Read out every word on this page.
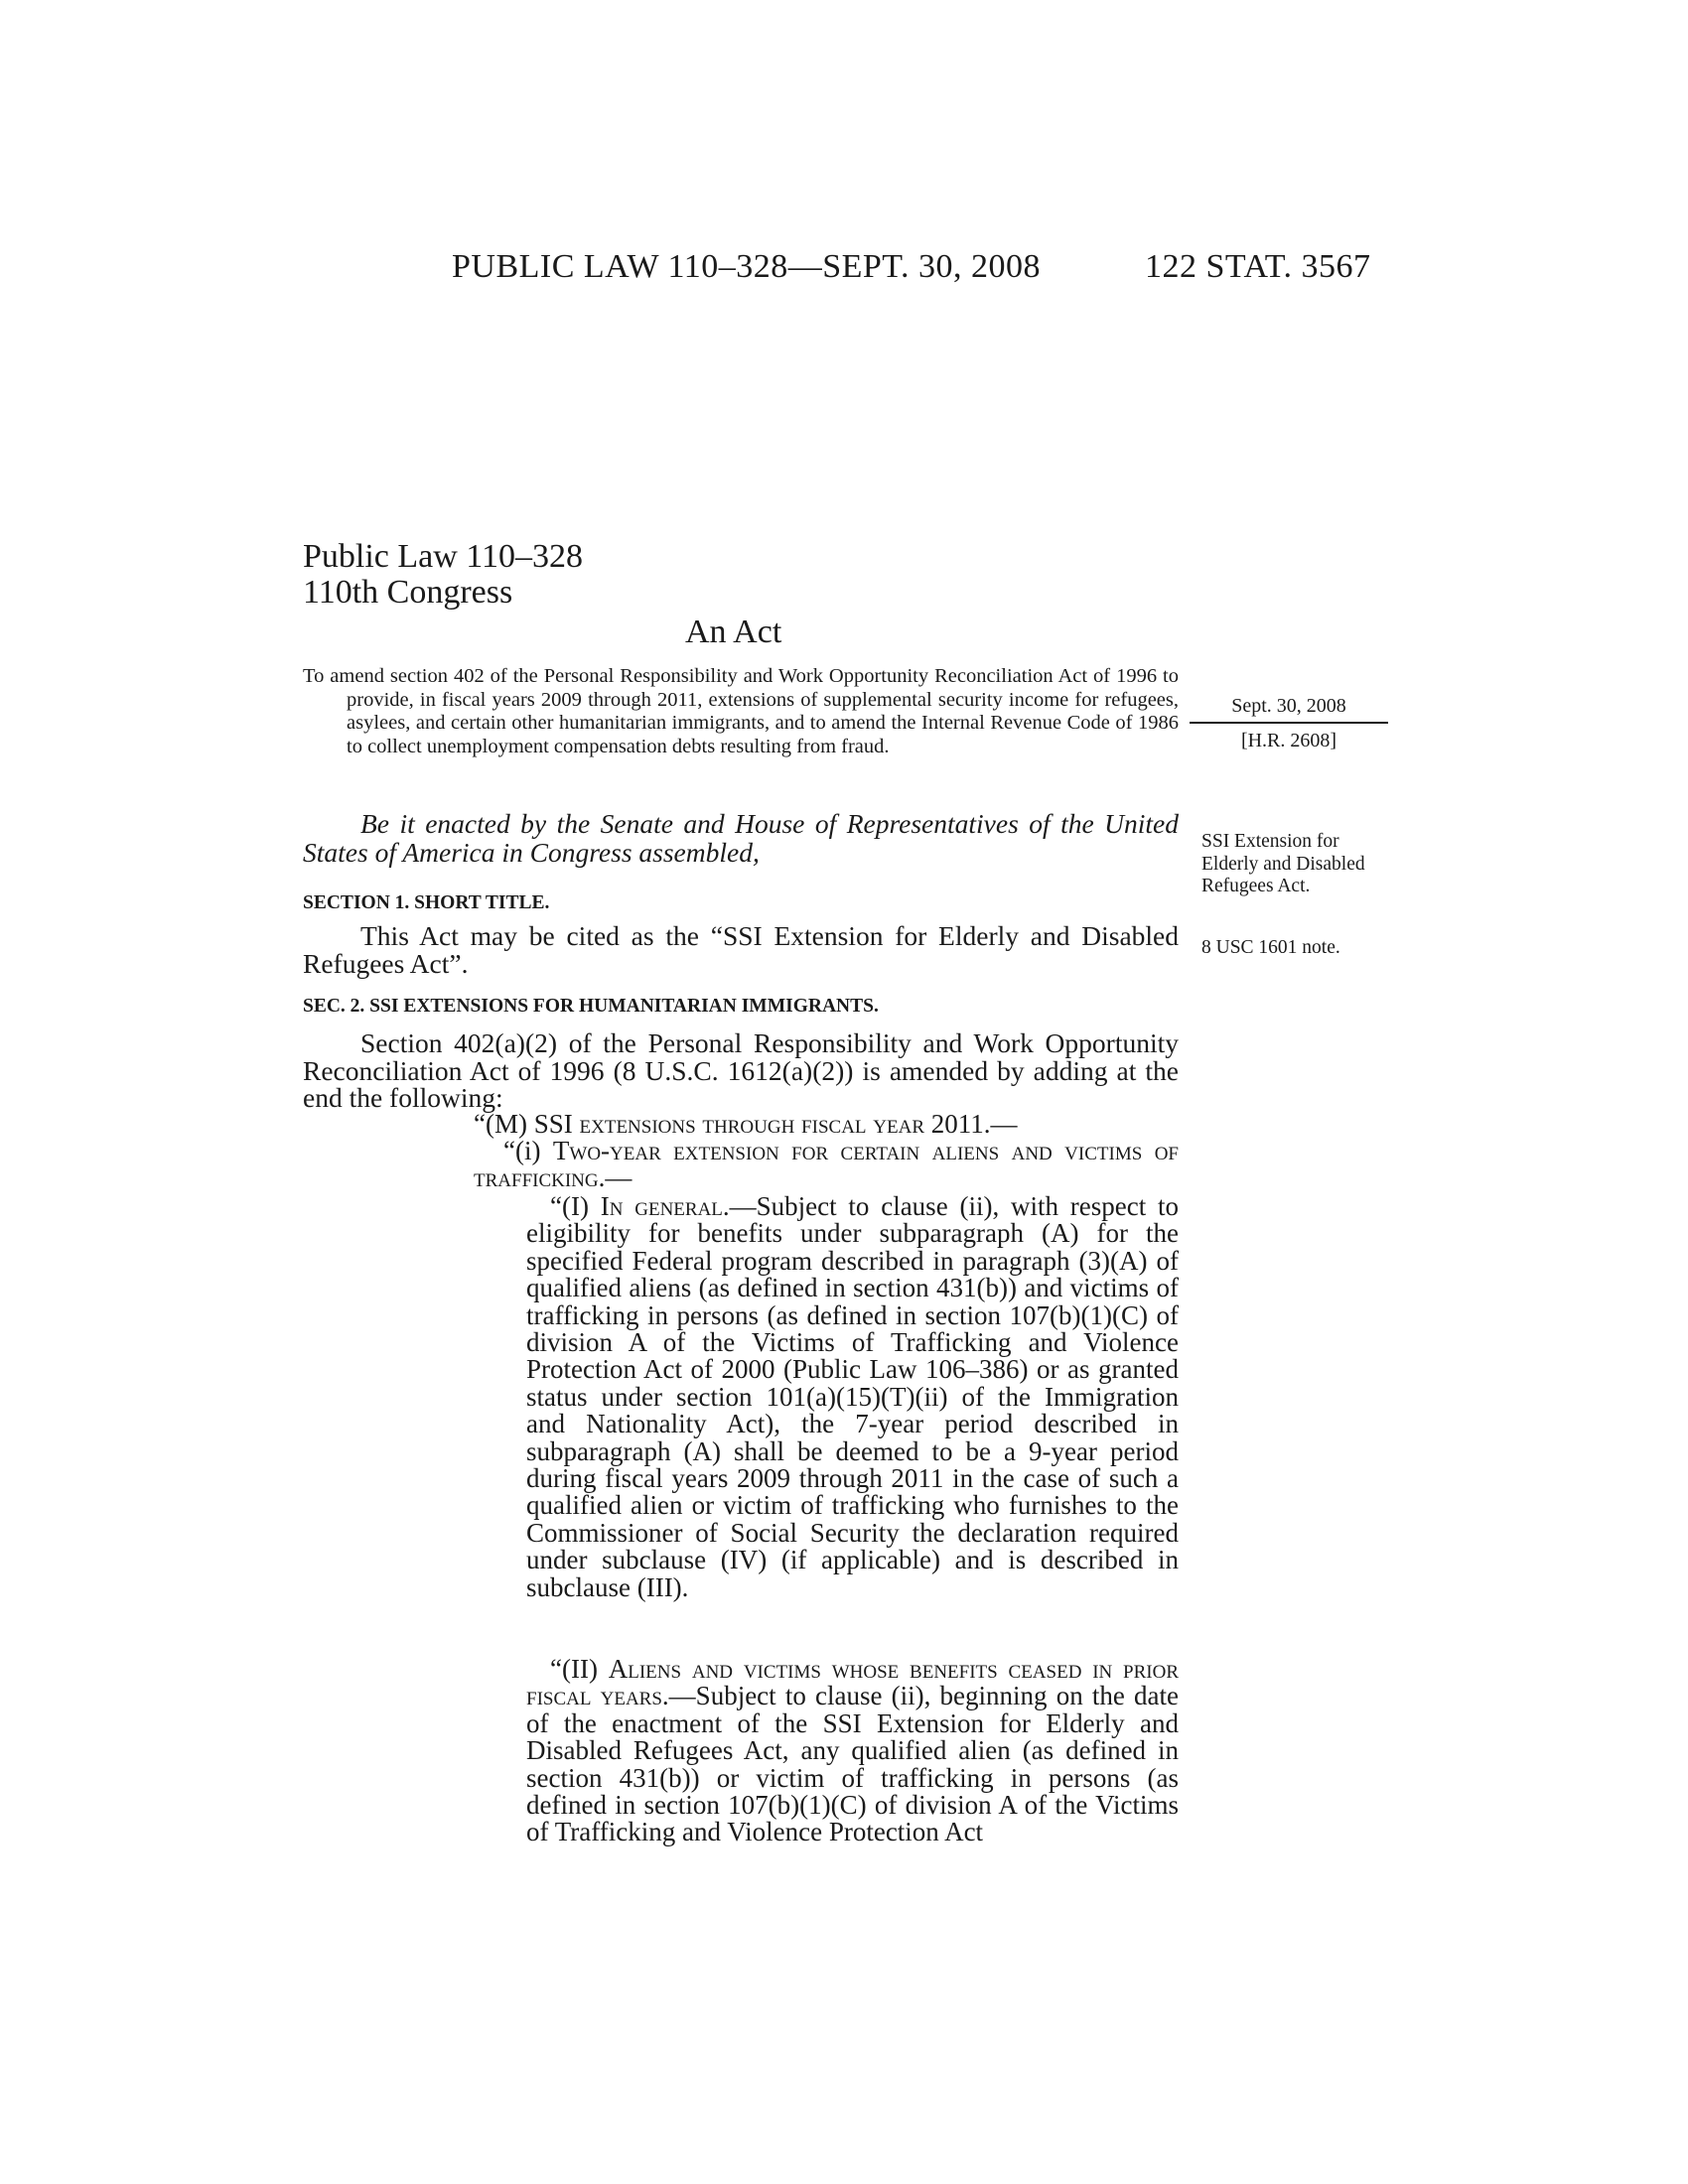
PUBLIC LAW 110–328—SEPT. 30, 2008	122 STAT. 3567
Public Law 110–328
110th Congress
An Act
To amend section 402 of the Personal Responsibility and Work Opportunity Reconciliation Act of 1996 to provide, in fiscal years 2009 through 2011, extensions of supplemental security income for refugees, asylees, and certain other humanitarian immigrants, and to amend the Internal Revenue Code of 1986 to collect unemployment compensation debts resulting from fraud.
Sept. 30, 2008
[H.R. 2608]
Be it enacted by the Senate and House of Representatives of the United States of America in Congress assembled,	SSI Extension for Elderly and Disabled Refugees Act.
8 USC 1601 note.
SECTION 1. SHORT TITLE.
This Act may be cited as the “SSI Extension for Elderly and Disabled Refugees Act”.
SEC. 2. SSI EXTENSIONS FOR HUMANITARIAN IMMIGRANTS.
Section 402(a)(2) of the Personal Responsibility and Work Opportunity Reconciliation Act of 1996 (8 U.S.C. 1612(a)(2)) is amended by adding at the end the following:
“(M) SSI extensions through fiscal year 2011.—
“(i) Two-year extension for certain aliens and victims of trafficking.—
“(I) In general.—Subject to clause (ii), with respect to eligibility for benefits under subparagraph (A) for the specified Federal program described in paragraph (3)(A) of qualified aliens (as defined in section 431(b)) and victims of trafficking in persons (as defined in section 107(b)(1)(C) of division A of the Victims of Trafficking and Violence Protection Act of 2000 (Public Law 106–386) or as granted status under section 101(a)(15)(T)(ii) of the Immigration and Nationality Act), the 7-year period described in subparagraph (A) shall be deemed to be a 9-year period during fiscal years 2009 through 2011 in the case of such a qualified alien or victim of trafficking who furnishes to the Commissioner of Social Security the declaration required under subclause (IV) (if applicable) and is described in subclause (III).
“(II) Aliens and victims whose benefits ceased in prior fiscal years.—Subject to clause (ii), beginning on the date of the enactment of the SSI Extension for Elderly and Disabled Refugees Act, any qualified alien (as defined in section 431(b)) or victim of trafficking in persons (as defined in section 107(b)(1)(C) of division A of the Victims of Trafficking and Violence Protection Act
